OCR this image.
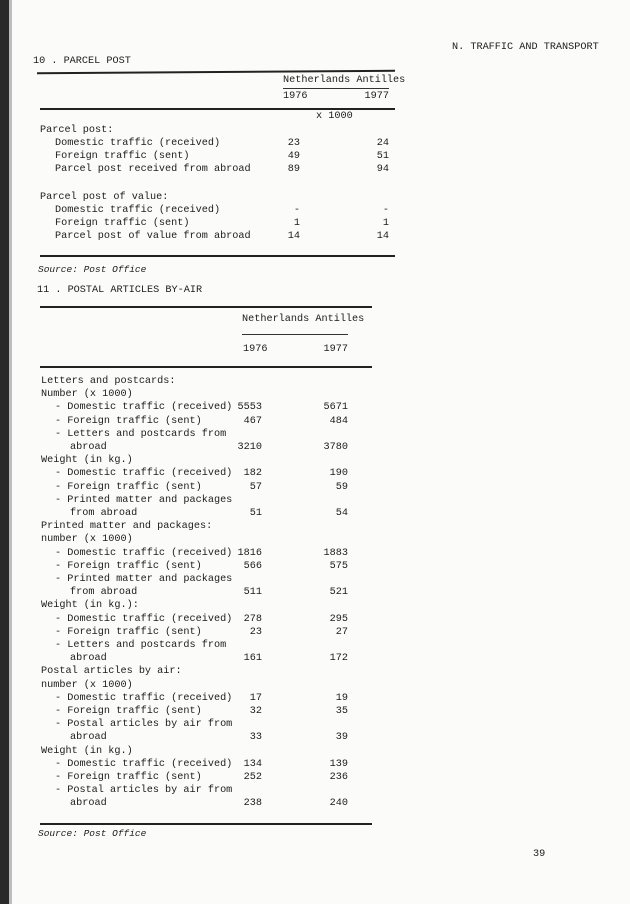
N. TRAFFIC AND TRANSPORT
10 . PARCEL POST
Netherlands Antilles
1976	1977
x 1000
Parcel post:
Domestic traffic (received)	23	24
Foreign traffic (sent)	49	51
Parcel post received from abroad	89	94
Parcel post of value:
Domestic traffic (received)	-	-
Foreign traffic (sent)	1	1
Parcel post of value from abroad	14	14
Source: Post Office
11 . POSTAL ARTICLES BY-AIR
Netherlands Antilles
1976	1977
Letters and postcards:
Number (x 1000)
- Domestic traffic (received) 5553	5671
- Foreign traffic (sent)	467	484
- Letters and postcards from
abroad	3210	3780
Weight (in kg.)
- Domestic traffic (received)	182	190
- Foreign traffic (sent)	57	59
- Printed matter and packages
from abroad	51	54
Printed matter and packages:
number (x 1000)
- Domestic traffic (received) 1816	1883
- Foreign traffic (sent)	566	575
- Printed matter and packages
from abroad	511	521
Weight (in kg.):
- Domestic traffic (received)	278	295
- Foreign traffic (sent)	23	27
- Letters and postcards from
abroad	161	172
Postal articles by air:
number (x 1000)
- Domestic traffic (received)	17	19
- Foreign traffic (sent)	32	35
- Postal articles by air from
abroad	33	39
Weight (in kg.)
- Domestic traffic (received)	134	139
- Foreign traffic (sent)	252	236
- Postal articles by air from
abroad	238	240
Source: Post Office
39
